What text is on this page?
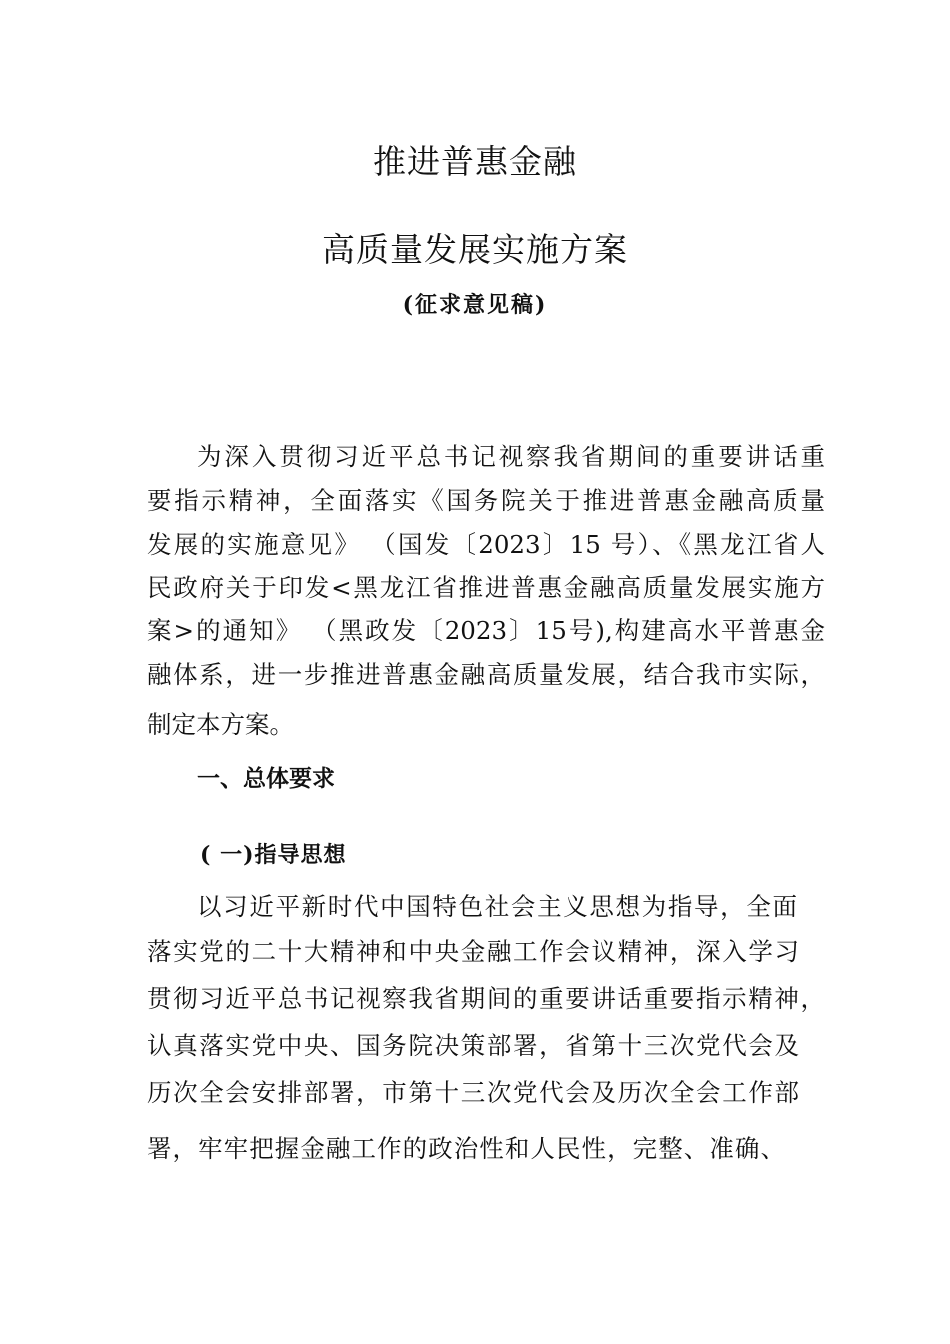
推进普惠金融
高质量发展实施方案
(征求意见稿)
为深入贯彻习近平总书记视察我省期间的重要讲话重
要指示精神，全面落实《国务院关于推进普惠金融高质量
发展的实施意见》 （国发〔2023〕15 号）、《黑龙江省人
民政府关于印发<黑龙江省推进普惠金融高质量发展实施方
案>的通知》 （黑政发〔2023〕15号),构建高水平普惠金
融体系，进一步推进普惠金融高质量发展，结合我市实际，
制定本方案。
一、总体要求
( 一)指导思想
以习近平新时代中国特色社会主义思想为指导，全面
落实党的二十大精神和中央金融工作会议精神，深入学习
贯彻习近平总书记视察我省期间的重要讲话重要指示精神，
认真落实党中央、国务院决策部署，省第十三次党代会及
历次全会安排部署，市第十三次党代会及历次全会工作部
署，牢牢把握金融工作的政治性和人民性，完整、准确、
